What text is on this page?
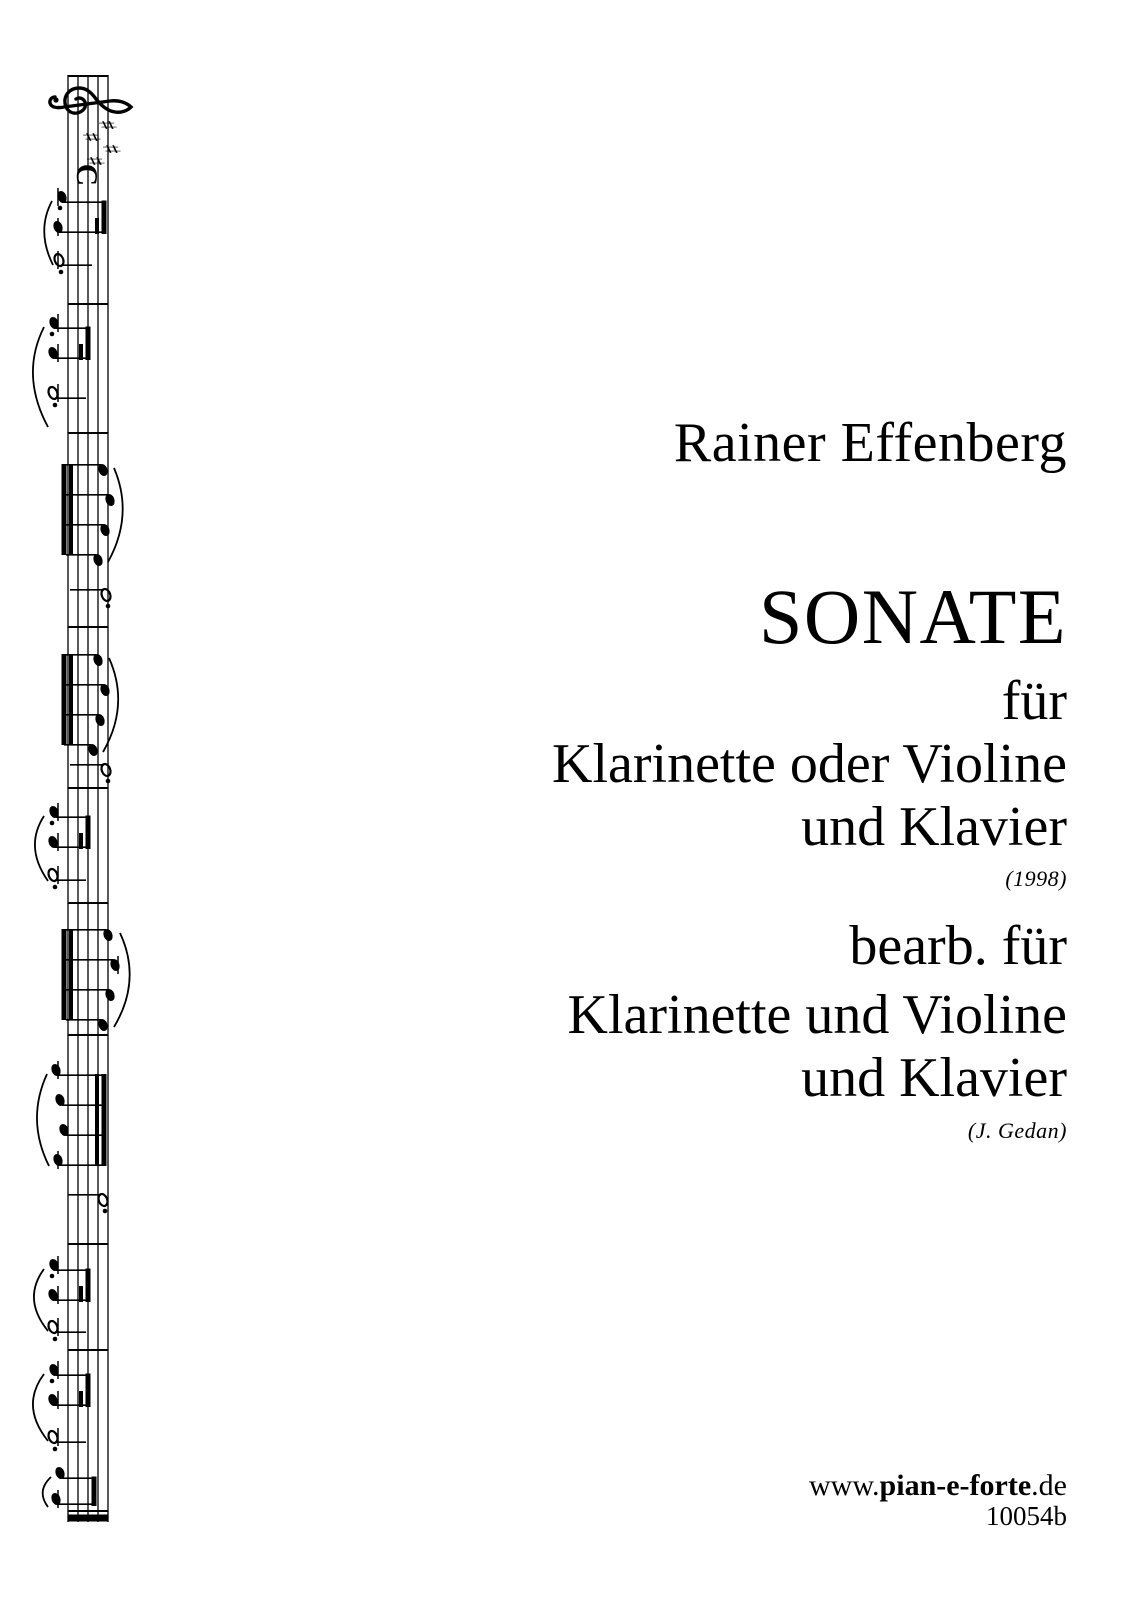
♯
♯
♯
♯
C
Rainer Effenberg
SONATE
für
Klarinette oder Violine
und Klavier
(1998)
bearb. für
Klarinette und Violine
und Klavier
(J. Gedan)
www.pian-e-forte.de
10054b
